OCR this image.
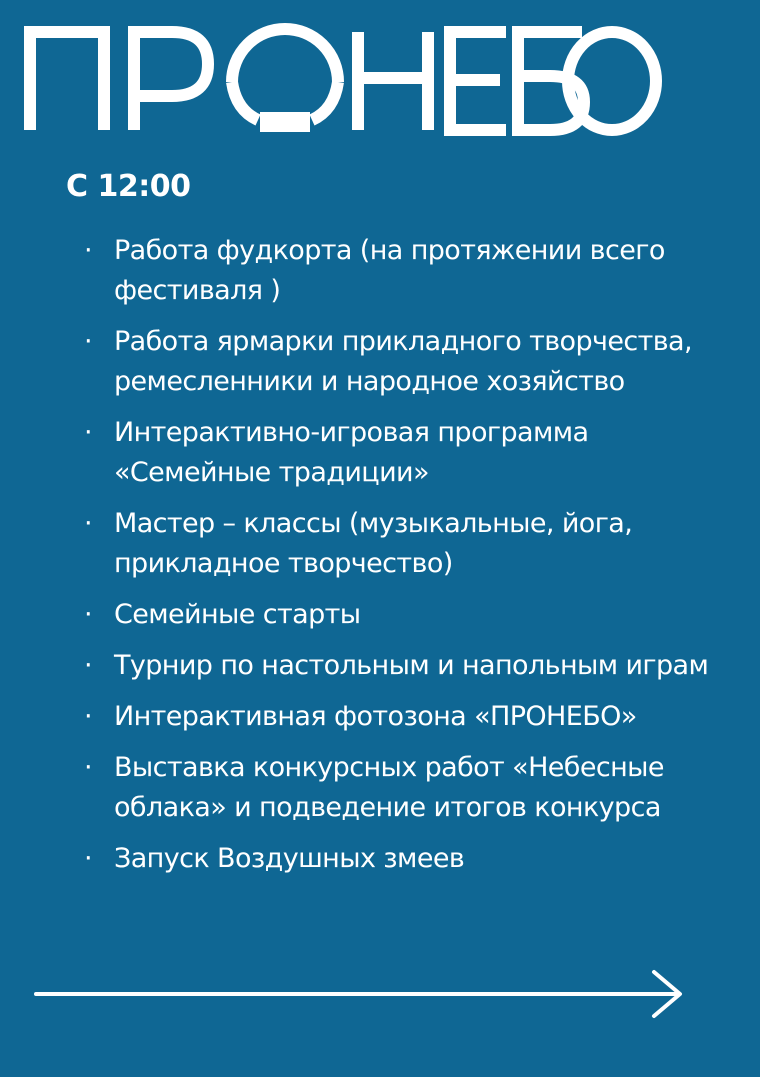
С 12:00
· Работа фудкорта (на протяжении всего фестиваля )
· Работа ярмарки прикладного творчества, ремесленники и народное хозяйство
· Интерактивно-игровая программа «Семейные традиции»
· Мастер – классы (музыкальные, йога, прикладное творчество)
· Семейные старты
· Турнир по настольным и напольным играм
· Интерактивная фотозона «ПРОНЕБО»
· Выставка конкурсных работ «Небесные облака» и подведение итогов конкурса
· Запуск Воздушных змеев
